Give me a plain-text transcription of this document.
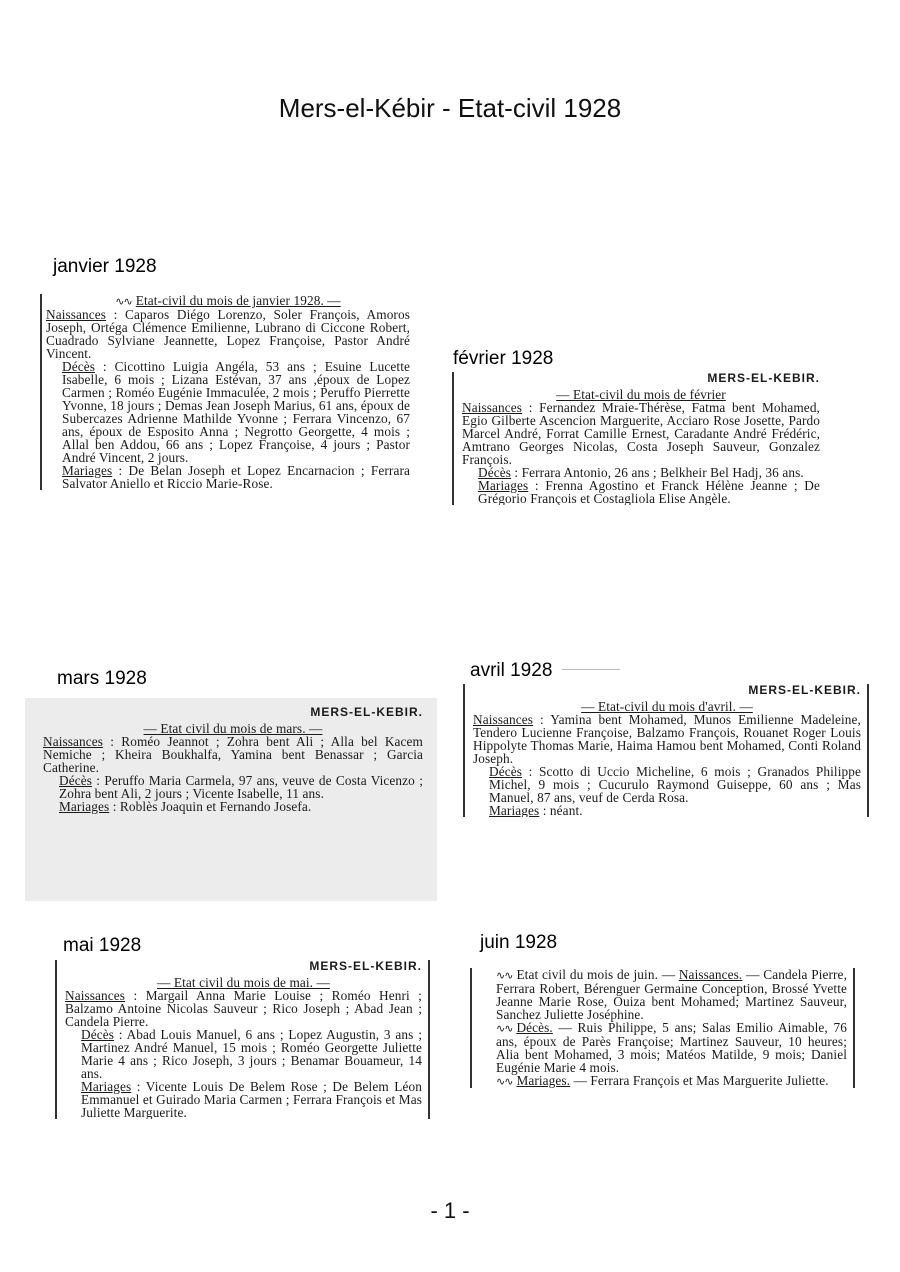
Mers-el-Kébir - Etat-civil 1928
janvier 1928
∿∿ Etat-civil du mois de janvier 1928. —

Naissances : Caparos Diégo Lorenzo, Soler François, Amoros Joseph, Ortéga Clémence Emilienne, Lubrano di Ciccone Robert, Cuadrado Sylviane Jeannette, Lopez Françoise, Pastor André Vincent.

Décès : Cicottino Luigia Angéla, 53 ans ; Esuine Lucette Isabelle, 6 mois ; Lizana Estévan, 37 ans ,époux de Lopez Carmen ; Roméo Eugénie Immaculée, 2 mois ; Peruffo Pierrette Yvonne, 18 jours ; Demas Jean Joseph Marius, 61 ans, époux de Subercazes Adrienne Mathilde Yvonne ; Ferrara Vincenzo, 67 ans, époux de Esposito Anna ; Negrotto Georgette, 4 mois ; Allal ben Addou, 66 ans ; Lopez Françoise, 4 jours ; Pastor André Vincent, 2 jours.

Mariages : De Belan Joseph et Lopez Encarnacion ; Ferrara Salvator Aniello et Riccio Marie-Rose.

février 1928
MERS-EL-KEBIR.
— Etat-civil du mois de février

Naissances : Fernandez Mraie-Thérèse, Fatma bent Mohamed, Egio Gilberte Ascencion Marguerite, Acciaro Rose Josette, Pardo Marcel André, Forrat Camille Ernest, Caradante André Frédéric, Amtrano Georges Nicolas, Costa Joseph Sauveur, Gonzalez François.

Décès : Ferrara Antonio, 26 ans ; Belkheir Bel Hadj, 36 ans.

Mariages : Frenna Agostino et Franck Hélène Jeanne ; De Grégorio François et Costagliola Elise Angèle.

mars 1928
MERS-EL-KEBIR.
— Etat civil du mois de mars. —

Naissances : Roméo Jeannot ; Zohra bent Ali ; Alla bel Kacem Nemiche ; Kheira Boukhalfa, Yamina bent Benassar ; Garcia Catherine.

Décès : Peruffo Maria Carmela, 97 ans, veuve de Costa Vicenzo ; Zohra bent Ali, 2 jours ; Vicente Isabelle, 11 ans.

Mariages : Roblès Joaquin et Fernando Josefa.

avril 1928
MERS-EL-KEBIR.
— Etat-civil du mois d'avril. —

Naissances : Yamina bent Mohamed, Munos Emilienne Madeleine, Tendero Lucienne Françoise, Balzamo François, Rouanet Roger Louis Hippolyte Thomas Marie, Haima Hamou bent Mohamed, Conti Roland Joseph.

Décès : Scotto di Uccio Micheline, 6 mois ; Granados Philippe Michel, 9 mois ; Cucurulo Raymond Guiseppe, 60 ans ; Mas Manuel, 87 ans, veuf de Cerda Rosa.

Mariages : néant.

mai 1928
MERS-EL-KEBIR.
— Etat civil du mois de mai. —

Naissances : Margail Anna Marie Louise ; Roméo Henri ; Balzamo Antoine Nicolas Sauveur ; Rico Joseph ; Abad Jean ; Candela Pierre.

Décès : Abad Louis Manuel, 6 ans ; Lopez Augustin, 3 ans ; Martinez André Manuel, 15 mois ; Roméo Georgette Juliette Marie 4 ans ; Rico Joseph, 3 jours ; Benamar Bouameur, 14 ans.

Mariages : Vicente Louis De Belem Rose ; De Belem Léon Emmanuel et Guirado Maria Carmen ; Ferrara François et Mas Juliette Marguerite.

juin 1928

∿∿ Etat civil du mois de juin. — Naissances. — Candela Pierre, Ferrara Robert, Bérenguer Germaine Conception, Brossé Yvette Jeanne Marie Rose, Ouiza bent Mohamed; Martinez Sauveur, Sanchez Juliette Joséphine.

∿∿ Décès. — Ruis Philippe, 5 ans; Salas Emilio Aimable, 76 ans, époux de Parès Françoise; Martinez Sauveur, 10 heures; Alia bent Mohamed, 3 mois; Matéos Matilde, 9 mois; Daniel Eugénie Marie 4 mois.

∿∿ Mariages. — Ferrara François et Mas Marguerite Juliette.

- 1 -
